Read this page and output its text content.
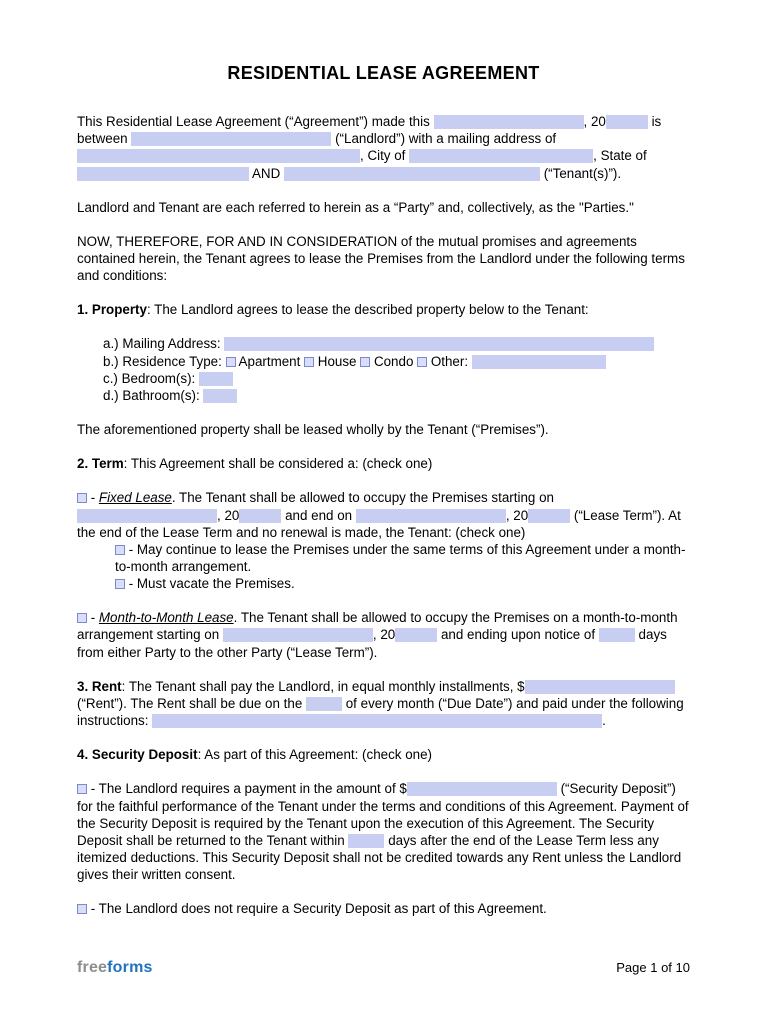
RESIDENTIAL LEASE AGREEMENT
This Residential Lease Agreement (“Agreement”) made this	, 20	is between	(“Landlord”) with a mailing address of , City of	, State of  AND	(“Tenant(s)”).
Landlord and Tenant are each referred to herein as a “Party” and, collectively, as the "Parties."
NOW, THEREFORE, FOR AND IN CONSIDERATION of the mutual promises and agreements contained herein, the Tenant agrees to lease the Premises from the Landlord under the following terms and conditions:
1. Property: The Landlord agrees to lease the described property below to the Tenant:
a.) Mailing Address:
b.) Residence Type:  Apartment  House  Condo  Other:
c.) Bedroom(s):
d.) Bathroom(s):
The aforementioned property shall be leased wholly by the Tenant (“Premises”).
2. Term: This Agreement shall be considered a: (check one)
- Fixed Lease. The Tenant shall be allowed to occupy the Premises starting on , 20	and end on	, 20	(“Lease Term”). At the end of the Lease Term and no renewal is made, the Tenant: (check one)
- May continue to lease the Premises under the same terms of this Agreement under a month-to-month arrangement.
- Must vacate the Premises.
- Month-to-Month Lease. The Tenant shall be allowed to occupy the Premises on a month-to-month arrangement starting on	, 20	and ending upon notice of	days from either Party to the other Party (“Lease Term”).
3. Rent: The Tenant shall pay the Landlord, in equal monthly installments, $ (“Rent”). The Rent shall be due on the	of every month (“Due Date”) and paid under the following instructions:	.
4. Security Deposit: As part of this Agreement: (check one)
- The Landlord requires a payment in the amount of $	(“Security Deposit”) for the faithful performance of the Tenant under the terms and conditions of this Agreement. Payment of the Security Deposit is required by the Tenant upon the execution of this Agreement. The Security Deposit shall be returned to the Tenant within	days after the end of the Lease Term less any itemized deductions. This Security Deposit shall not be credited towards any Rent unless the Landlord gives their written consent.
- The Landlord does not require a Security Deposit as part of this Agreement.
freeforms	Page 1 of 10
